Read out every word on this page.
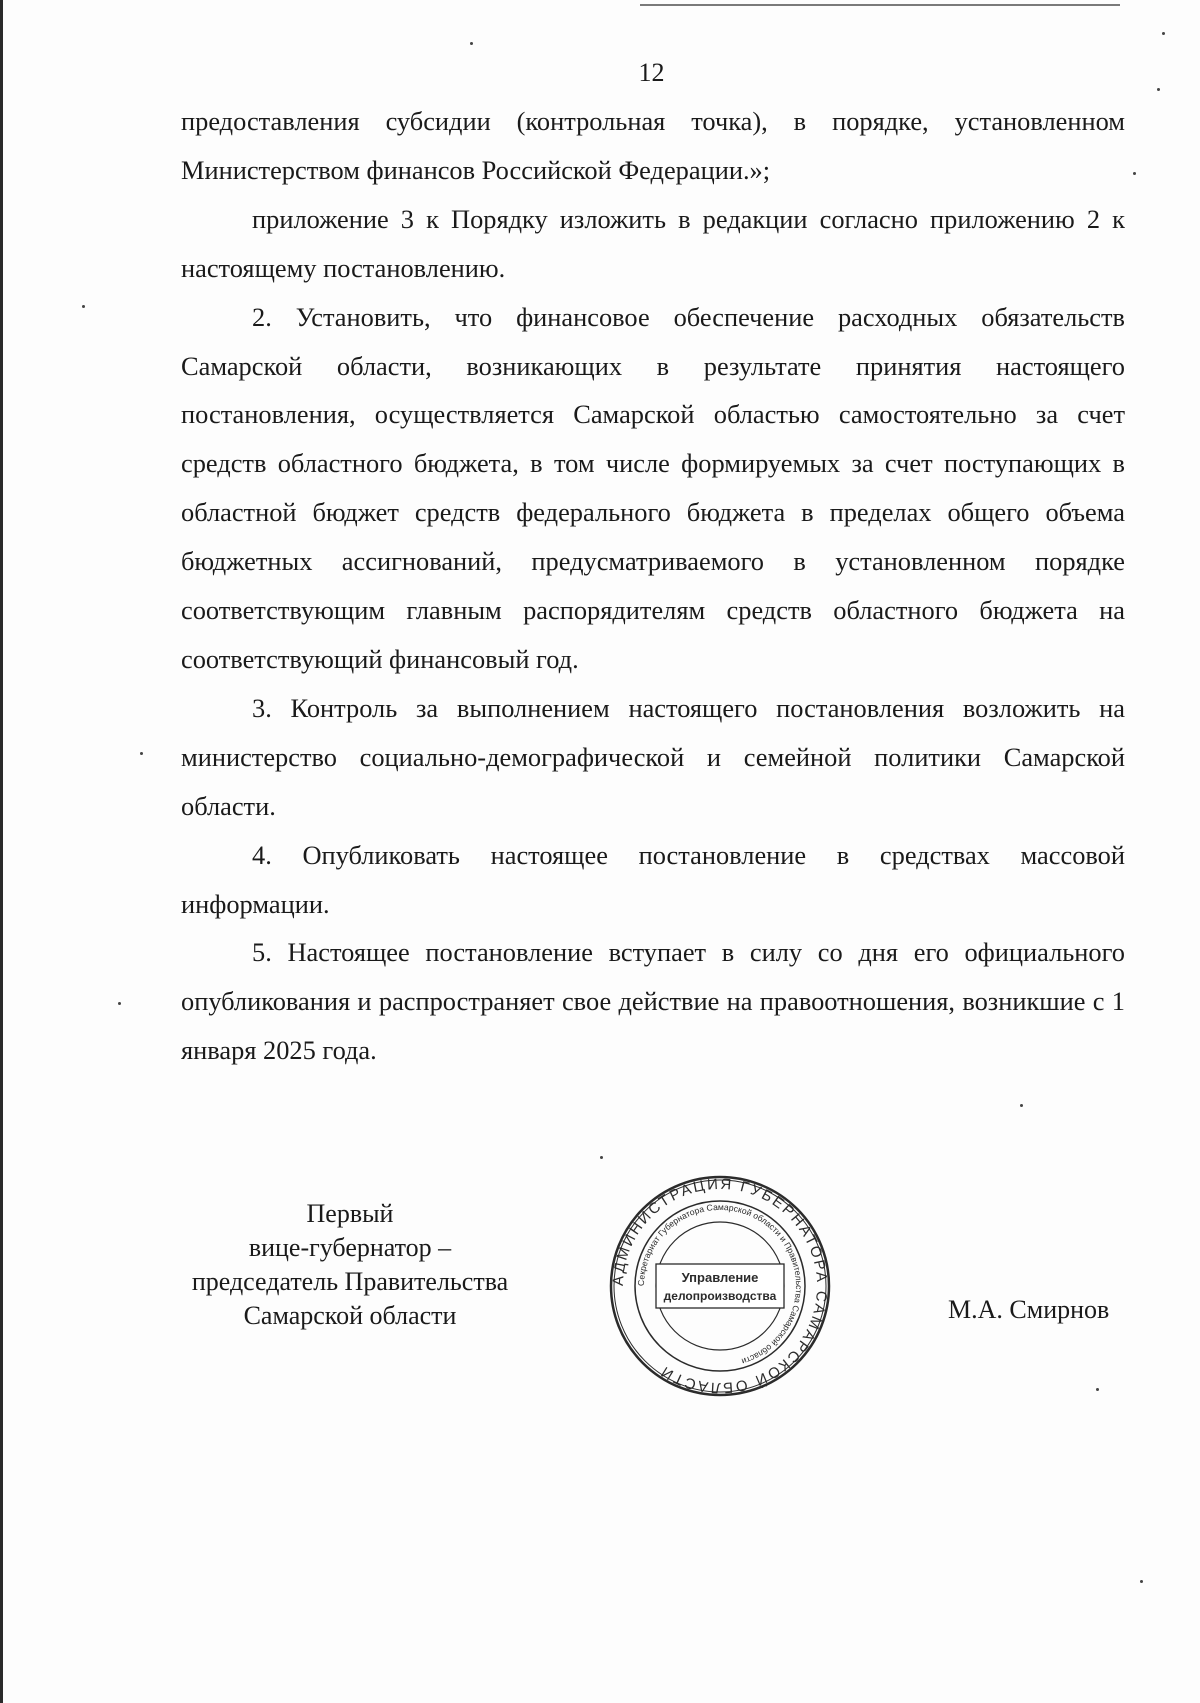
12

предоставления субсидии (контрольная точка), в порядке, установленном Министерством финансов Российской Федерации.»;

приложение 3 к Порядку изложить в редакции согласно приложению 2 к настоящему постановлению.

2. Установить, что финансовое обеспечение расходных обязательств Самарской области, возникающих в результате принятия настоящего постановления, осуществляется Самарской областью самостоятельно за счет средств областного бюджета, в том числе формируемых за счет поступающих в областной бюджет средств федерального бюджета в пределах общего объема бюджетных ассигнований, предусматриваемого в установленном порядке соответствующим главным распорядителям средств областного бюджета на соответствующий финансовый год.

3. Контроль за выполнением настоящего постановления возложить на министерство социально-демографической и семейной политики Самарской области.

4. Опубликовать настоящее постановление в средствах массовой информации.

5. Настоящее постановление вступает в силу со дня его официального опубликования и распространяет свое действие на правоотношения, возникшие с 1 января 2025 года.

Первый
вице-губернатор –
председатель Правительства
Самарской области
АДМИНИСТРАЦИЯ ГУБЕРНАТОРА САМАРСКОЙ ОБЛАСТИ
Секретариат Губернатора Самарской области и Правительства Самарской области
Управление
делопроизводства	М.А. Смирнов
